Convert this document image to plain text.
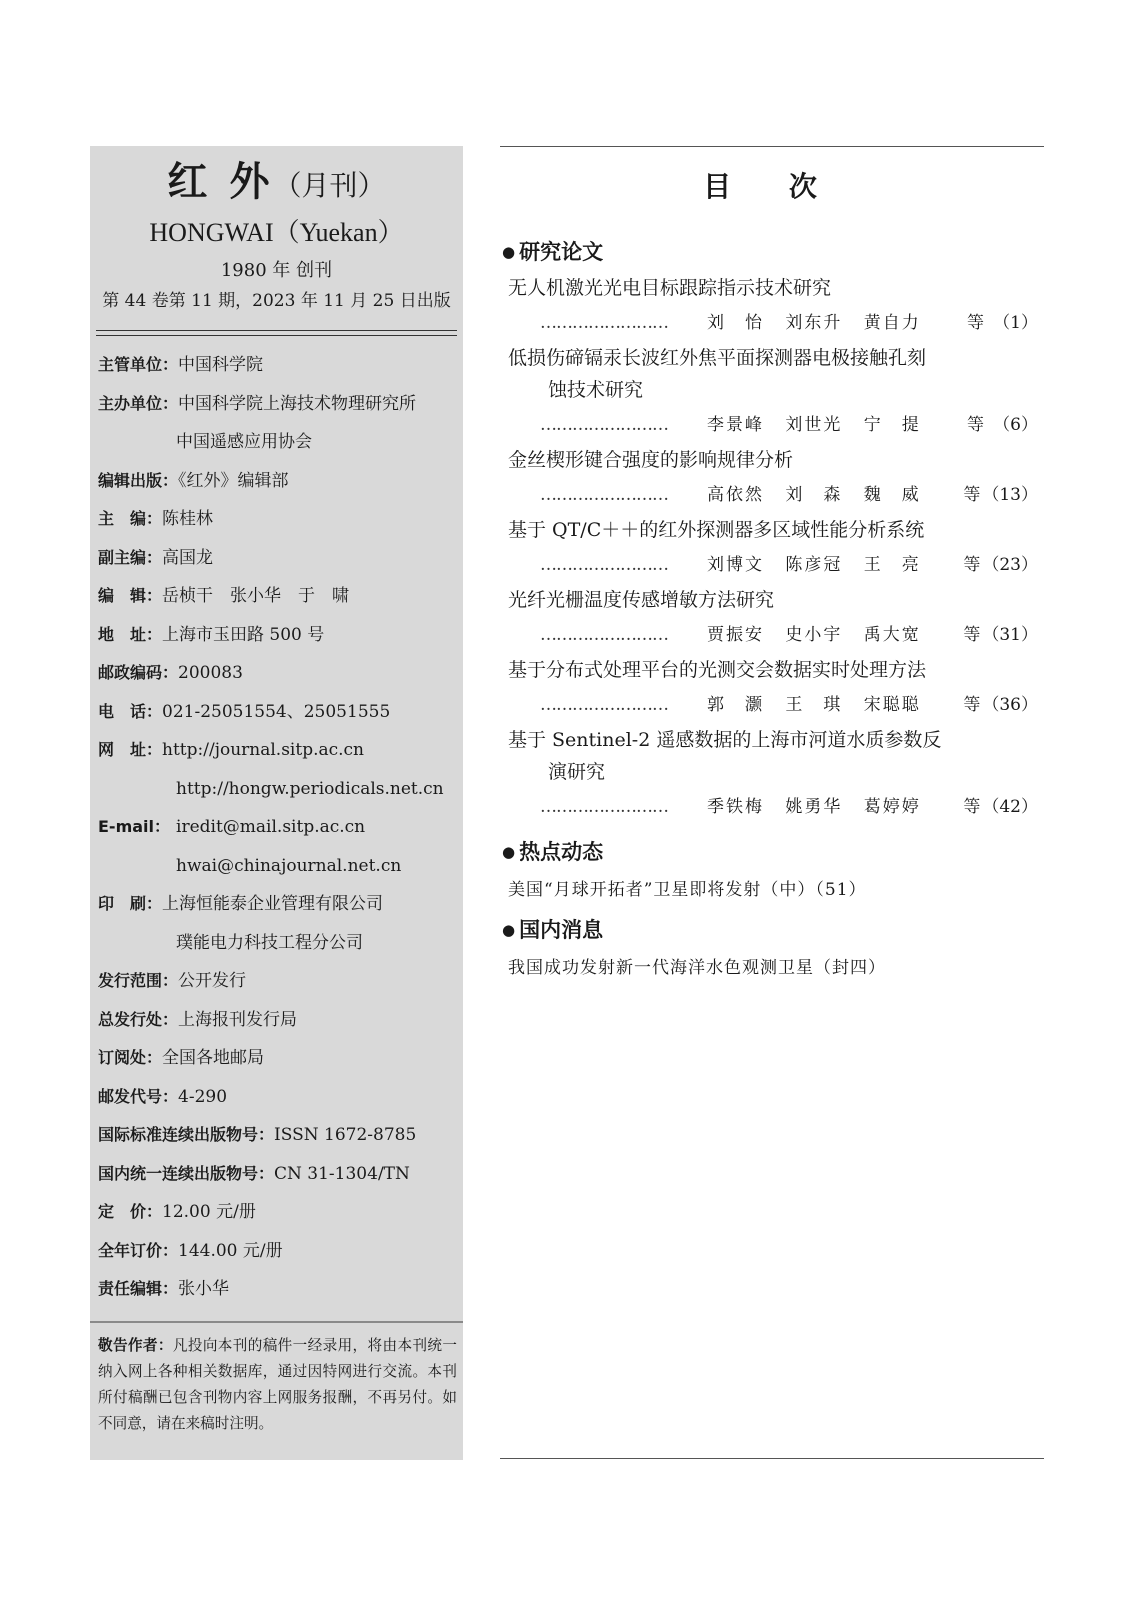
红 外（月刊）
HONGWAI（Yuekan）
1980 年 创刊
第 44 卷第 11 期，2023 年 11 月 25 日出版
主管单位：中国科学院
主办单位：中国科学院上海技术物理研究所
中国遥感应用协会
编辑出版：《红外》编辑部
主　编：陈桂林
副主编：高国龙
编　辑：岳桢干　张小华　于　啸
地　址：上海市玉田路 500 号
邮政编码：200083
电　话：021-25051554、25051555
网　址：http://journal.sitp.ac.cn
http://hongw.periodicals.net.cn
E-mail： iredit@mail.sitp.ac.cn
hwai@chinajournal.net.cn
印　刷：上海恒能泰企业管理有限公司
璞能电力科技工程分公司
发行范围：公开发行
总发行处：上海报刊发行局
订阅处：全国各地邮局
邮发代号：4-290
国际标准连续出版物号：ISSN 1672-8785
国内统一连续出版物号：CN 31-1304/TN
定　价：12.00 元/册
全年订价：144.00 元/册
责任编辑：张小华
敬告作者：凡投向本刊的稿件一经录用，将由本刊统一纳入网上各种相关数据库，通过因特网进行交流。本刊所付稿酬已包含刊物内容上网服务报酬，不再另付。如不同意，请在来稿时注明。
目 次
● 研究论文
无人机激光光电目标跟踪指示技术研究
……………………	刘　怡 刘东升 黄自力	等 （1）
低损伤碲镉汞长波红外焦平面探测器电极接触孔刻
蚀技术研究
……………………	李景峰 刘世光 宁　提	等 （6）
金丝楔形键合强度的影响规律分析
……………………	高依然 刘　森 魏　威	等 （13）
基于 QT/C＋＋的红外探测器多区域性能分析系统
……………………	刘博文 陈彦冠 王　亮	等 （23）
光纤光栅温度传感增敏方法研究
……………………	贾振安 史小宇 禹大宽	等 （31）
基于分布式处理平台的光测交会数据实时处理方法
……………………	郭　灏 王　琪 宋聪聪	等 （36）
基于 Sentinel-2 遥感数据的上海市河道水质参数反
演研究
……………………	季铁梅 姚勇华 葛婷婷	等 （42）
● 热点动态
美国“月球开拓者”卫星即将发射（中）（51）
● 国内消息
我国成功发射新一代海洋水色观测卫星（封四）
